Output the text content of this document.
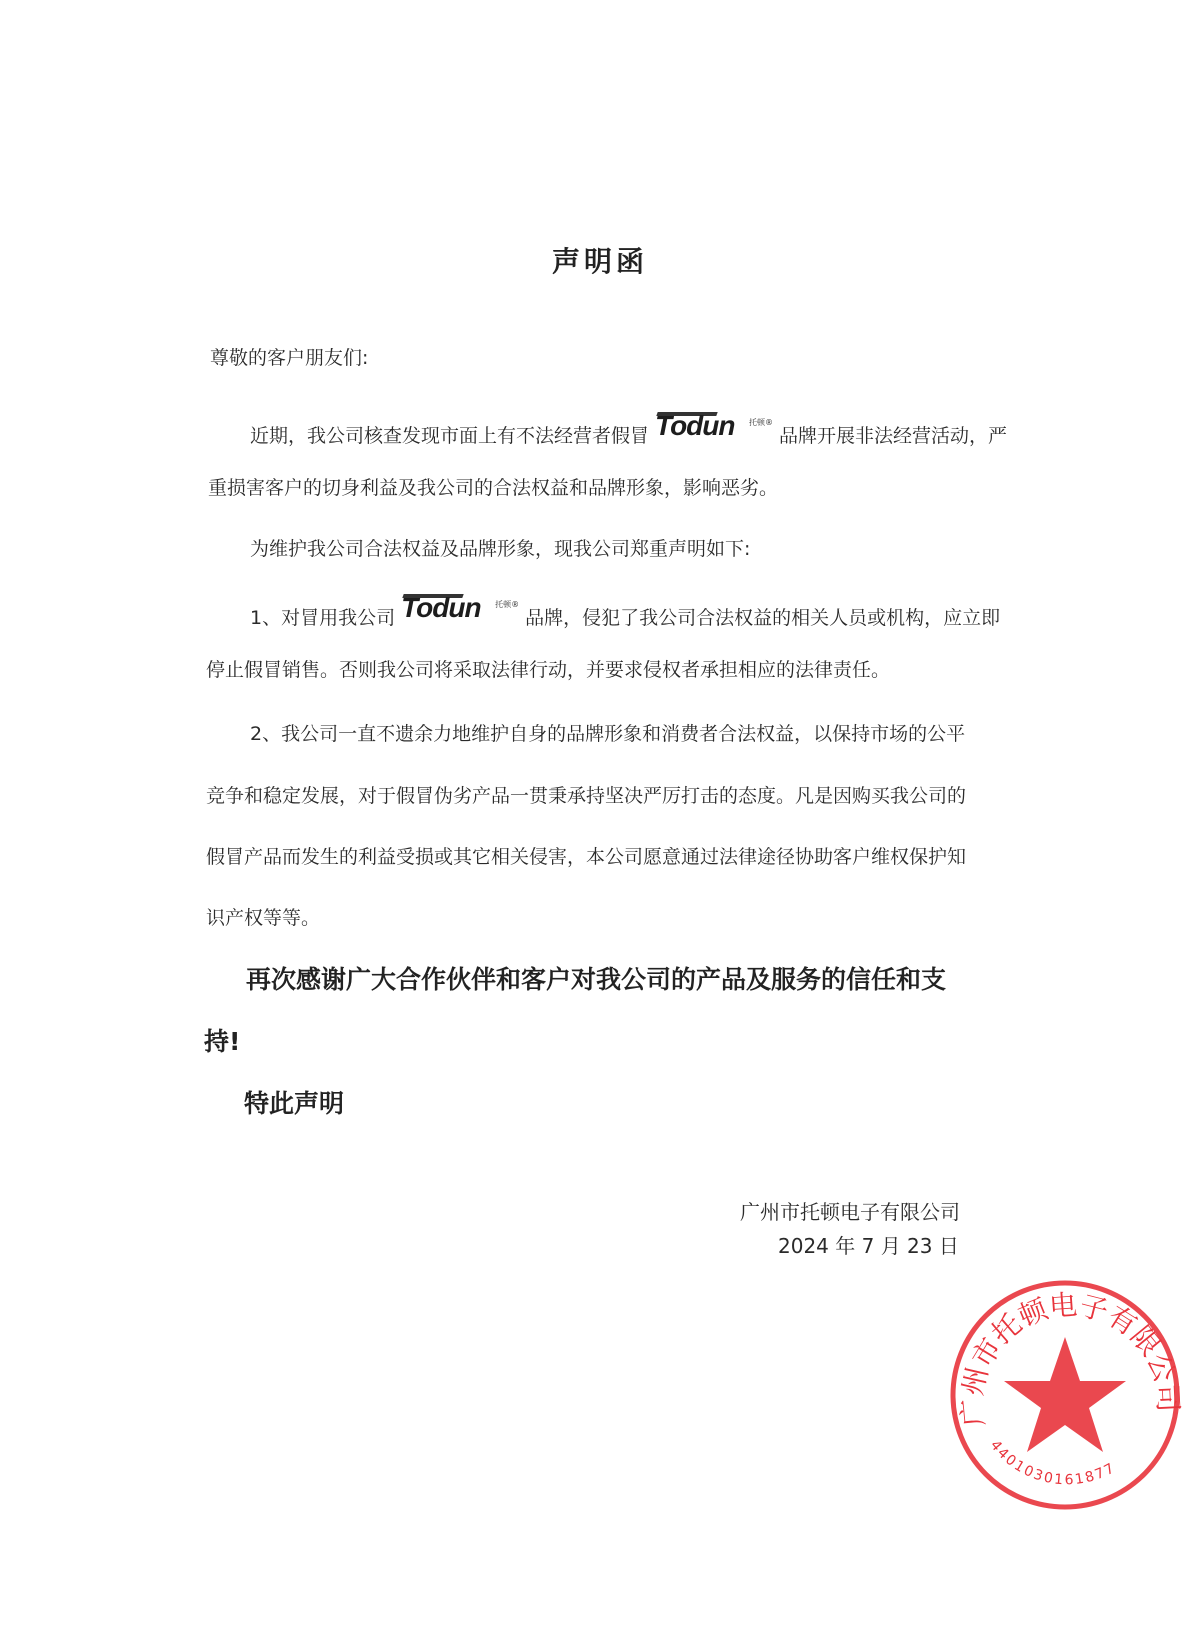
声明函
尊敬的客户朋友们:
近期，我公司核查发现市面上有不法经营者假冒 Todun 托顿®
品牌开展非法经营活动，严
重损害客户的切身利益及我公司的合法权益和品牌形象，影响恶劣。
为维护我公司合法权益及品牌形象，现我公司郑重声明如下:
1、对冒用我公司 Todun 托顿®
品牌，侵犯了我公司合法权益的相关人员或机构，应立即
停止假冒销售。否则我公司将采取法律行动，并要求侵权者承担相应的法律责任。
2、我公司一直不遗余力地维护自身的品牌形象和消费者合法权益，以保持市场的公平
竞争和稳定发展，对于假冒伪劣产品一贯秉承持坚决严厉打击的态度。凡是因购买我公司的
假冒产品而发生的利益受损或其它相关侵害，本公司愿意通过法律途径协助客户维权保护知
识产权等等。
再次感谢广大合作伙伴和客户对我公司的产品及服务的信任和支
持!
特此声明
广州市托顿电子有限公司
2024 年 7 月 23 日
广州市托顿电子有限公司
4401030161877
